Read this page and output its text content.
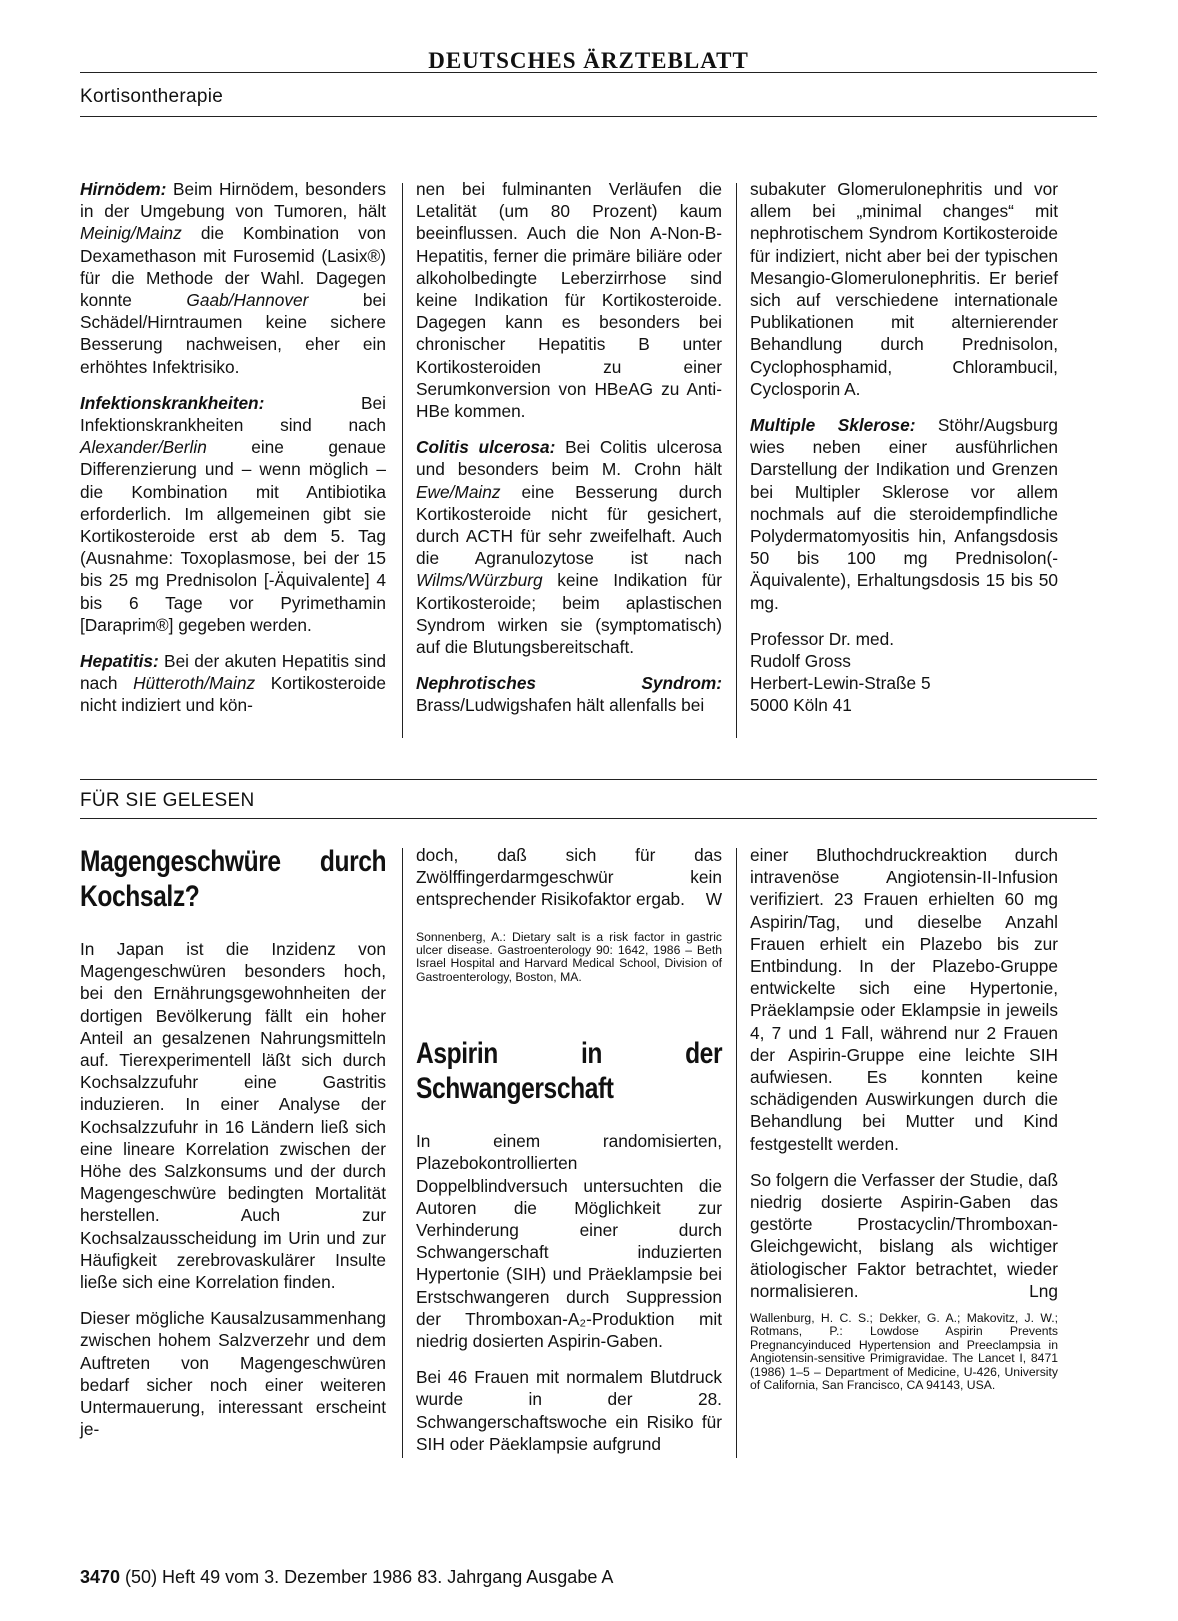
DEUTSCHES ÄRZTEBLATT
Kortisontherapie

Hirnödem: Beim Hirnödem, besonders in der Umgebung von Tumoren, hält Meinig/Mainz die Kombination von Dexamethason mit Furosemid (Lasix®) für die Methode der Wahl. Dagegen konnte Gaab/Hannover bei Schädel/Hirntraumen keine sichere Besserung nachweisen, eher ein erhöhtes Infektrisiko.

Infektionskrankheiten: Bei Infektionskrankheiten sind nach Alexander/Berlin eine genaue Differenzierung und – wenn möglich – die Kombination mit Antibiotika erforderlich. Im allgemeinen gibt sie Kortikosteroide erst ab dem 5. Tag (Ausnahme: Toxoplasmose, bei der 15 bis 25 mg Prednisolon [-Äquivalente] 4 bis 6 Tage vor Pyrimethamin [Daraprim®] gegeben werden.

Hepatitis: Bei der akuten Hepatitis sind nach Hütteroth/Mainz Kortikosteroide nicht indiziert und kön-

nen bei fulminanten Verläufen die Letalität (um 80 Prozent) kaum beeinflussen. Auch die Non A-Non-B-Hepatitis, ferner die primäre biliäre oder alkoholbedingte Leberzirrhose sind keine Indikation für Kortikosteroide. Dagegen kann es besonders bei chronischer Hepatitis B unter Kortikosteroiden zu einer Serumkonversion von HBeAG zu Anti-HBe kommen.

Colitis ulcerosa: Bei Colitis ulcerosa und besonders beim M. Crohn hält Ewe/Mainz eine Besserung durch Kortikosteroide nicht für gesichert, durch ACTH für sehr zweifelhaft. Auch die Agranulozytose ist nach Wilms/Würzburg keine Indikation für Kortikosteroide; beim aplastischen Syndrom wirken sie (symptomatisch) auf die Blutungsbereitschaft.

Nephrotisches Syndrom: Brass/Ludwigshafen hält allenfalls bei

subakuter Glomerulonephritis und vor allem bei „minimal changes“ mit nephrotischem Syndrom Kortikosteroide für indiziert, nicht aber bei der typischen Mesangio-Glomerulonephritis. Er berief sich auf verschiedene internationale Publikationen mit alternierender Behandlung durch Prednisolon, Cyclophosphamid, Chlorambucil, Cyclosporin A.

Multiple Sklerose: Stöhr/Augsburg wies neben einer ausführlichen Darstellung der Indikation und Grenzen bei Multipler Sklerose vor allem nochmals auf die steroidempfindliche Polydermatomyositis hin, Anfangsdosis 50 bis 100 mg Prednisolon(-Äquivalente), Erhaltungsdosis 15 bis 50 mg.

Professor Dr. med.
Rudolf Gross
Herbert-Lewin-Straße 5
5000 Köln 41
FÜR SIE GELESEN
Magengeschwüre durch Kochsalz?

In Japan ist die Inzidenz von Magengeschwüren besonders hoch, bei den Ernährungsgewohnheiten der dortigen Bevölkerung fällt ein hoher Anteil an gesalzenen Nahrungsmitteln auf. Tierexperimentell läßt sich durch Kochsalzzufuhr eine Gastritis induzieren. In einer Analyse der Kochsalzzufuhr in 16 Ländern ließ sich eine lineare Korrelation zwischen der Höhe des Salzkonsums und der durch Magengeschwüre bedingten Mortalität herstellen. Auch zur Kochsalzausscheidung im Urin und zur Häufigkeit zerebrovaskulärer Insulte ließe sich eine Korrelation finden.

Dieser mögliche Kausalzusammenhang zwischen hohem Salzverzehr und dem Auftreten von Magengeschwüren bedarf sicher noch einer weiteren Untermauerung, interessant erscheint je-

doch, daß sich für das Zwölffingerdarmgeschwür kein entsprechender Risikofaktor ergab. W

Sonnenberg, A.: Dietary salt is a risk factor in gastric ulcer disease. Gastroenterology 90: 1642, 1986 – Beth Israel Hospital and Harvard Medical School, Division of Gastroenterology, Boston, MA.
Aspirin in der Schwangerschaft

In einem randomisierten, Plazebokontrollierten Doppelblindversuch untersuchten die Autoren die Möglichkeit zur Verhinderung einer durch Schwangerschaft induzierten Hypertonie (SIH) und Präeklampsie bei Erstschwangeren durch Suppression der Thromboxan-A₂-Produktion mit niedrig dosierten Aspirin-Gaben.

Bei 46 Frauen mit normalem Blutdruck wurde in der 28. Schwangerschaftswoche ein Risiko für SIH oder Päeklampsie aufgrund

einer Bluthochdruckreaktion durch intravenöse Angiotensin-II-Infusion verifiziert. 23 Frauen erhielten 60 mg Aspirin/Tag, und dieselbe Anzahl Frauen erhielt ein Plazebo bis zur Entbindung. In der Plazebo-Gruppe entwickelte sich eine Hypertonie, Präeklampsie oder Eklampsie in jeweils 4, 7 und 1 Fall, während nur 2 Frauen der Aspirin-Gruppe eine leichte SIH aufwiesen. Es konnten keine schädigenden Auswirkungen durch die Behandlung bei Mutter und Kind festgestellt werden.

So folgern die Verfasser der Studie, daß niedrig dosierte Aspirin-Gaben das gestörte Prostacyclin/Thromboxan-Gleichgewicht, bislang als wichtiger ätiologischer Faktor betrachtet, wieder normalisieren.	Lng

Wallenburg, H. C. S.; Dekker, G. A.; Makovitz, J. W.; Rotmans, P.: Lowdose Aspirin Prevents Pregnancyinduced Hypertension and Preeclampsia in Angiotensin-sensitive Primigravidae. The Lancet I, 8471 (1986) 1–5 – Department of Medicine, U-426, University of California, San Francisco, CA 94143, USA.
3470 (50) Heft 49 vom 3. Dezember 1986 83. Jahrgang Ausgabe A
